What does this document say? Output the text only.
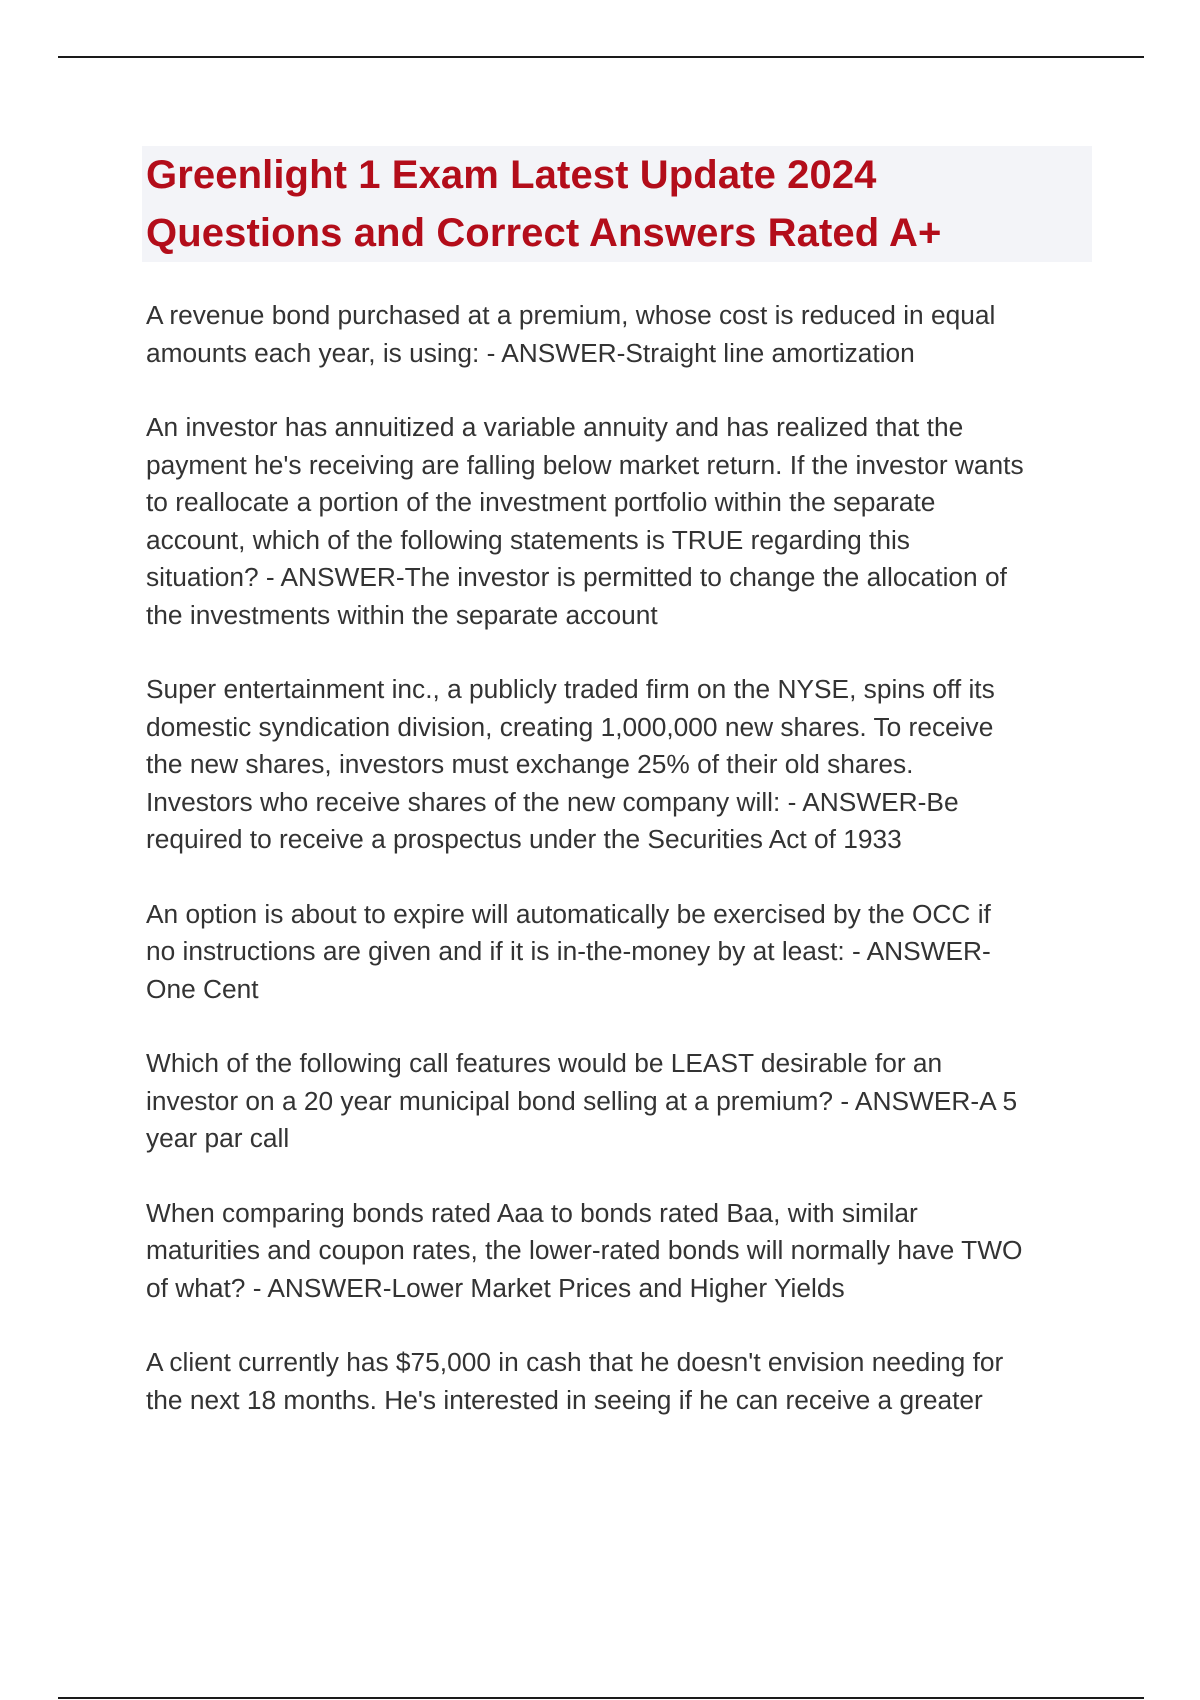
Greenlight 1 Exam Latest Update 2024
Questions and Correct Answers Rated A+

A revenue bond purchased at a premium, whose cost is reduced in equal
amounts each year, is using: - ANSWER-Straight line amortization

An investor has annuitized a variable annuity and has realized that the
payment he's receiving are falling below market return. If the investor wants
to reallocate a portion of the investment portfolio within the separate
account, which of the following statements is TRUE regarding this
situation? - ANSWER-The investor is permitted to change the allocation of
the investments within the separate account

Super entertainment inc., a publicly traded firm on the NYSE, spins off its
domestic syndication division, creating 1,000,000 new shares. To receive
the new shares, investors must exchange 25% of their old shares.
Investors who receive shares of the new company will: - ANSWER-Be
required to receive a prospectus under the Securities Act of 1933

An option is about to expire will automatically be exercised by the OCC if
no instructions are given and if it is in-the-money by at least: - ANSWER-
One Cent

Which of the following call features would be LEAST desirable for an
investor on a 20 year municipal bond selling at a premium? - ANSWER-A 5
year par call

When comparing bonds rated Aaa to bonds rated Baa, with similar
maturities and coupon rates, the lower-rated bonds will normally have TWO
of what? - ANSWER-Lower Market Prices and Higher Yields

A client currently has $75,000 in cash that he doesn't envision needing for
the next 18 months. He's interested in seeing if he can receive a greater
